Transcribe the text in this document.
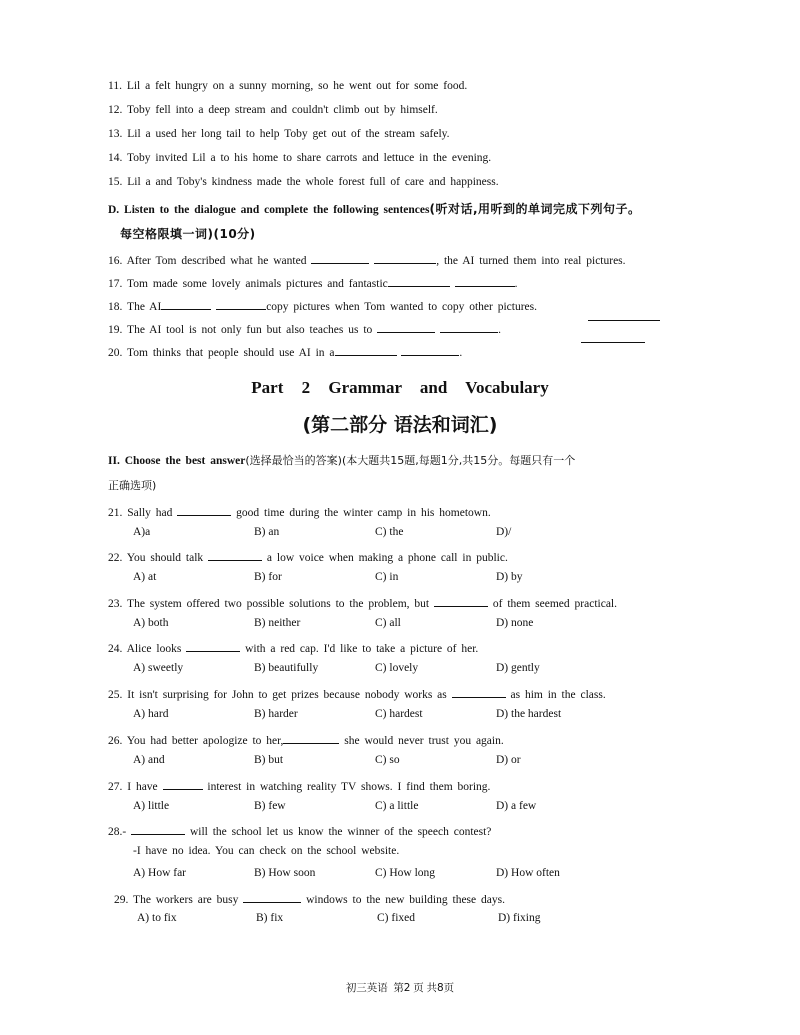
11. Lil a felt hungry on a sunny morning, so he went out for some food.
12. Toby fell into a deep stream and couldn't climb out by himself.
13. Lil a used her long tail to help Toby get out of the stream safely.
14. Toby invited Lil a to his home to share carrots and lettuce in the evening.
15. Lil a and Toby's kindness made the whole forest full of care and happiness.
D. Listen to the dialogue and complete the following sentences(听对话,用听到的单词完成下列句子。
每空格限填一词)(10分)
16. After Tom described what he wanted	, the AI turned them into real pictures.
17. Tom made some lovely animals pictures and fantastic	.
18. The AI	copy pictures when Tom wanted to copy other pictures.
19. The AI tool is not only fun but also teaches us to	.
20. Tom thinks that people should use AI in a	.
Part 2 Grammar and Vocabulary
(第二部分 语法和词汇)
II. Choose the best answer(选择最恰当的答案)(本大题共15题,每题1分,共15分。每题只有一个
正确选项)
21. Sally had	good time during the winter camp in his hometown.
A)a	B) an	C) the	D)/
22. You should talk	a low voice when making a phone call in public.
A) at	B) for	C) in	D) by
23. The system offered two possible solutions to the problem, but	of them seemed practical.
A) both	B) neither	C) all	D) none
24. Alice looks	with a red cap. I'd like to take a picture of her.
A) sweetly	B) beautifully	C) lovely	D) gently
25. It isn't surprising for John to get prizes because nobody works as	as him in the class.
A) hard	B) harder	C) hardest	D) the hardest
26. You had better apologize to her,	she would never trust you again.
A) and	B) but	C) so	D) or
27. I have	interest in watching reality TV shows. I find them boring.
A) little	B) few	C) a little	D) a few
28.-	will the school let us know the winner of the speech contest?
-I have no idea. You can check on the school website.
A) How far	B) How soon	C) How long	D) How often
29. The workers are busy	windows to the new building these days.
A) to fix	B) fix	C) fixed	D) fixing
初三英语 第2 页 共8页
